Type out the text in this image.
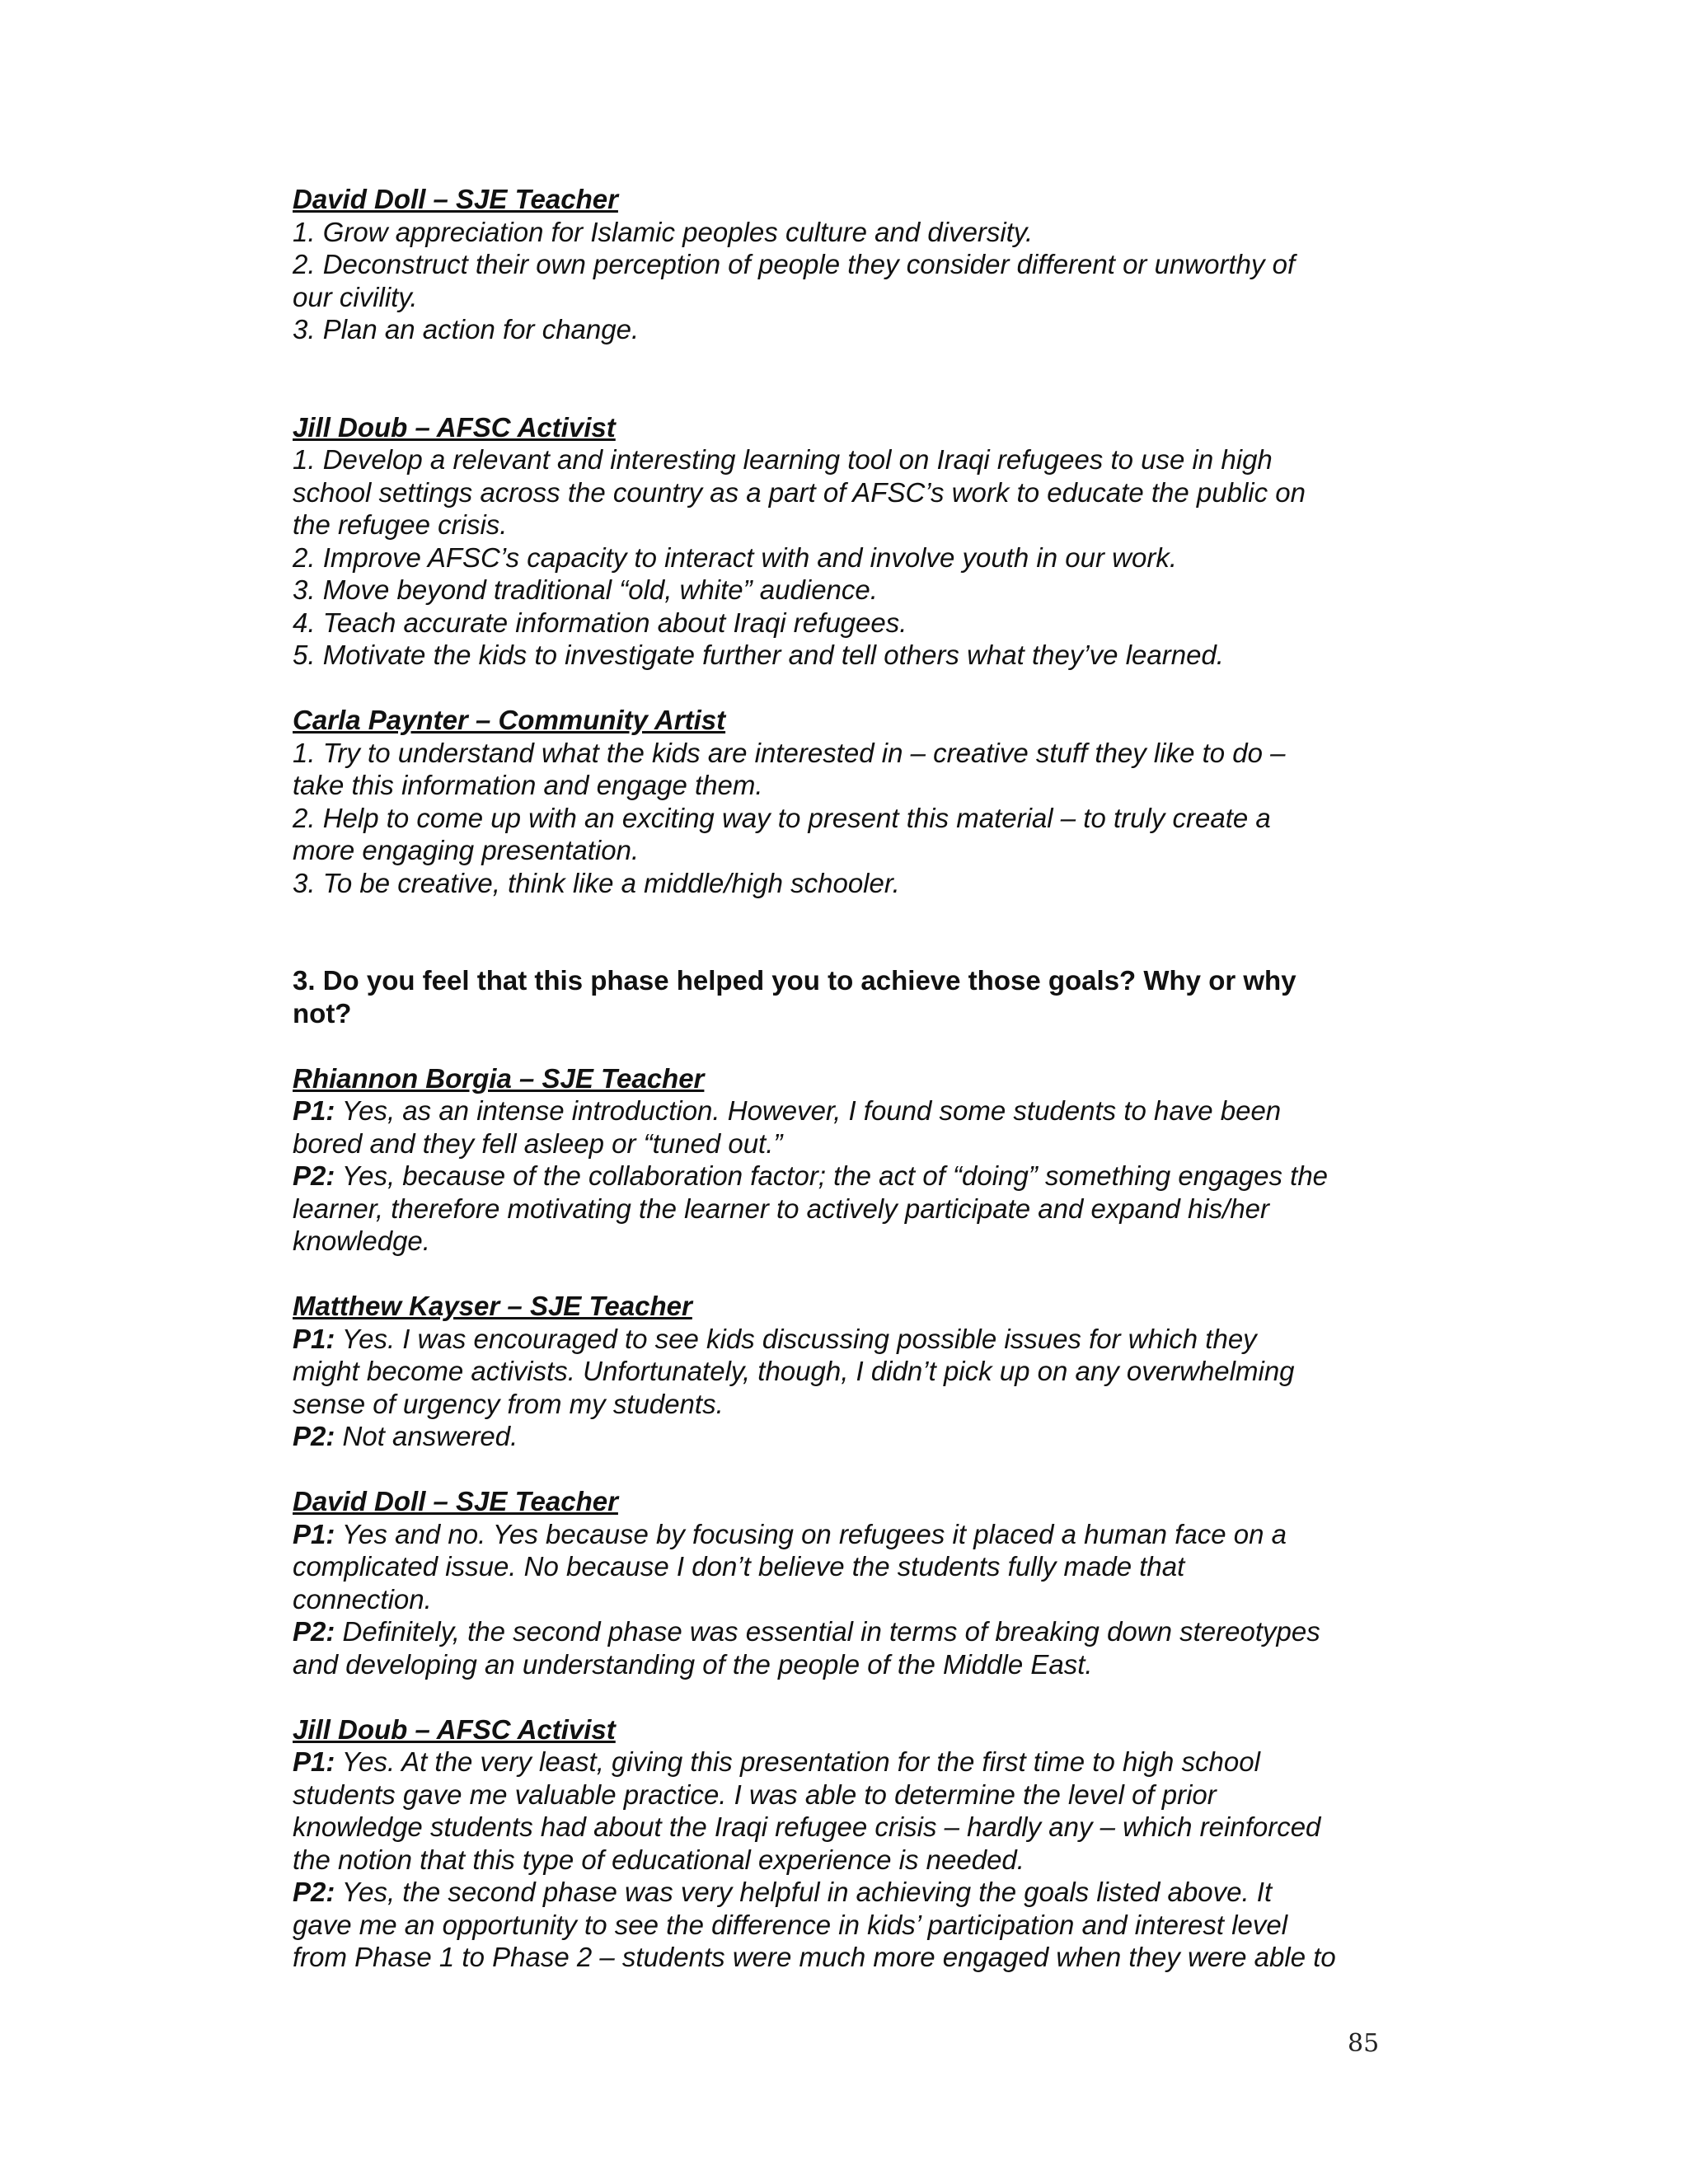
David Doll – SJE Teacher
1. Grow appreciation for Islamic peoples culture and diversity.
2. Deconstruct their own perception of people they consider different or unworthy of
our civility.
3. Plan an action for change.
Jill Doub – AFSC Activist
1. Develop a relevant and interesting learning tool on Iraqi refugees to use in high
school settings across the country as a part of AFSC’s work to educate the public on
the refugee crisis.
2. Improve AFSC’s capacity to interact with and involve youth in our work.
3. Move beyond traditional “old, white” audience.
4. Teach accurate information about Iraqi refugees.
5. Motivate the kids to investigate further and tell others what they’ve learned.
Carla Paynter – Community Artist
1. Try to understand what the kids are interested in – creative stuff they like to do –
take this information and engage them.
2. Help to come up with an exciting way to present this material – to truly create a
more engaging presentation.
3. To be creative, think like a middle/high schooler.
3. Do you feel that this phase helped you to achieve those goals? Why or why
not?
Rhiannon Borgia – SJE Teacher
P1: Yes, as an intense introduction. However, I found some students to have been
bored and they fell asleep or “tuned out.”
P2: Yes, because of the collaboration factor; the act of “doing” something engages the
learner, therefore motivating the learner to actively participate and expand his/her
knowledge.
Matthew Kayser – SJE Teacher
P1: Yes. I was encouraged to see kids discussing possible issues for which they
might become activists. Unfortunately, though, I didn’t pick up on any overwhelming
sense of urgency from my students.
P2: Not answered.
David Doll – SJE Teacher
P1: Yes and no. Yes because by focusing on refugees it placed a human face on a
complicated issue. No because I don’t believe the students fully made that
connection.
P2: Definitely, the second phase was essential in terms of breaking down stereotypes
and developing an understanding of the people of the Middle East.
Jill Doub – AFSC Activist
P1: Yes. At the very least, giving this presentation for the first time to high school
students gave me valuable practice. I was able to determine the level of prior
knowledge students had about the Iraqi refugee crisis – hardly any – which reinforced
the notion that this type of educational experience is needed.
P2: Yes, the second phase was very helpful in achieving the goals listed above. It
gave me an opportunity to see the difference in kids’ participation and interest level
from Phase 1 to Phase 2 – students were much more engaged when they were able to
85
